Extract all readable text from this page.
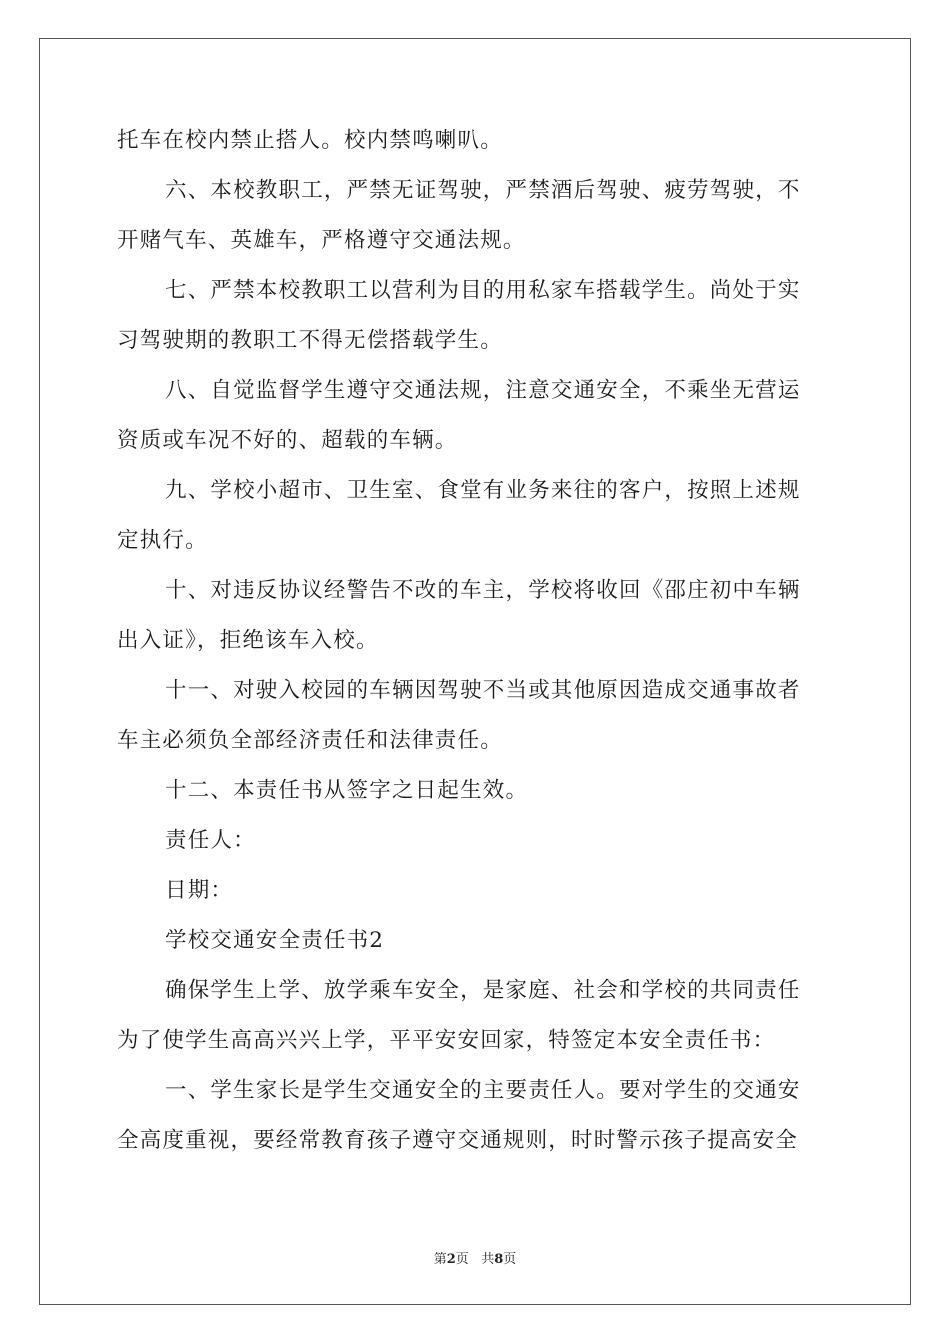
托车在校内禁止搭人。校内禁鸣喇叭。
六、本校教职工，严禁无证驾驶，严禁酒后驾驶、疲劳驾驶，不
开赌气车、英雄车，严格遵守交通法规。
七、严禁本校教职工以营利为目的用私家车搭载学生。尚处于实
习驾驶期的教职工不得无偿搭载学生。
八、自觉监督学生遵守交通法规，注意交通安全，不乘坐无营运
资质或车况不好的、超载的车辆。
九、学校小超市、卫生室、食堂有业务来往的客户，按照上述规
定执行。
十、对违反协议经警告不改的车主，学校将收回《邵庄初中车辆
出入证》，拒绝该车入校。
十一、对驶入校园的车辆因驾驶不当或其他原因造成交通事故者
车主必须负全部经济责任和法律责任。
十二、本责任书从签字之日起生效。
责任人：
日期：
学校交通安全责任书2
确保学生上学、放学乘车安全，是家庭、社会和学校的共同责任
为了使学生高高兴兴上学，平平安安回家，特签定本安全责任书：
一、学生家长是学生交通安全的主要责任人。要对学生的交通安
全高度重视，要经常教育孩子遵守交通规则，时时警示孩子提高安全
第2页 共8页
